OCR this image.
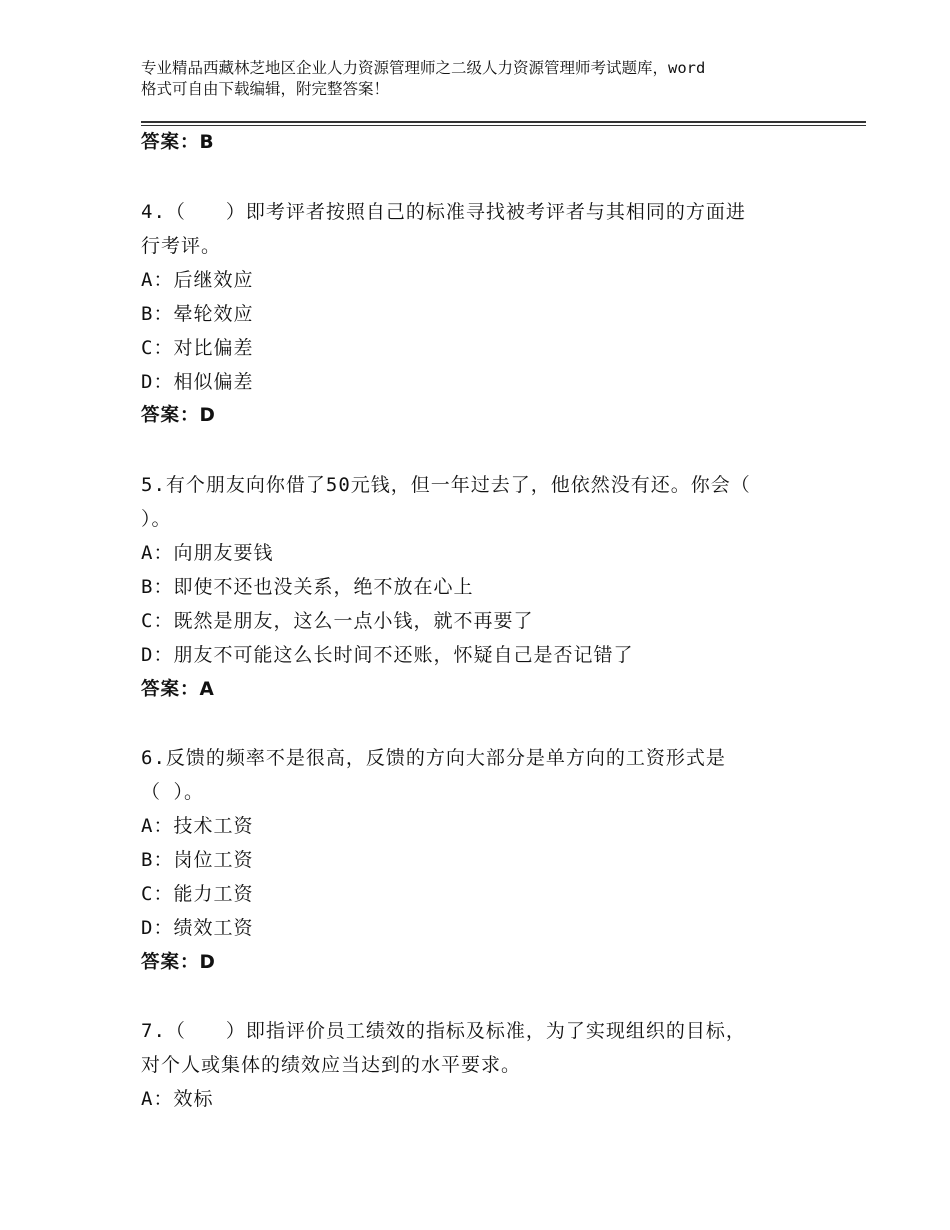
专业精品西藏林芝地区企业人力资源管理师之二级人力资源管理师考试题库，word
格式可自由下载编辑，附完整答案！
答案：B
4.（　　）即考评者按照自己的标准寻找被考评者与其相同的方面进
行考评。
A：后继效应
B：晕轮效应
C：对比偏差
D：相似偏差
答案：D
5.有个朋友向你借了50元钱，但一年过去了，他依然没有还。你会（
）。
A：向朋友要钱
B：即使不还也没关系，绝不放在心上
C：既然是朋友，这么一点小钱，就不再要了
D：朋友不可能这么长时间不还账，怀疑自己是否记错了
答案：A
6.反馈的频率不是很高，反馈的方向大部分是单方向的工资形式是
（ ）。
A：技术工资
B：岗位工资
C：能力工资
D：绩效工资
答案：D
7.（　　）即指评价员工绩效的指标及标准，为了实现组织的目标，
对个人或集体的绩效应当达到的水平要求。
A：效标
